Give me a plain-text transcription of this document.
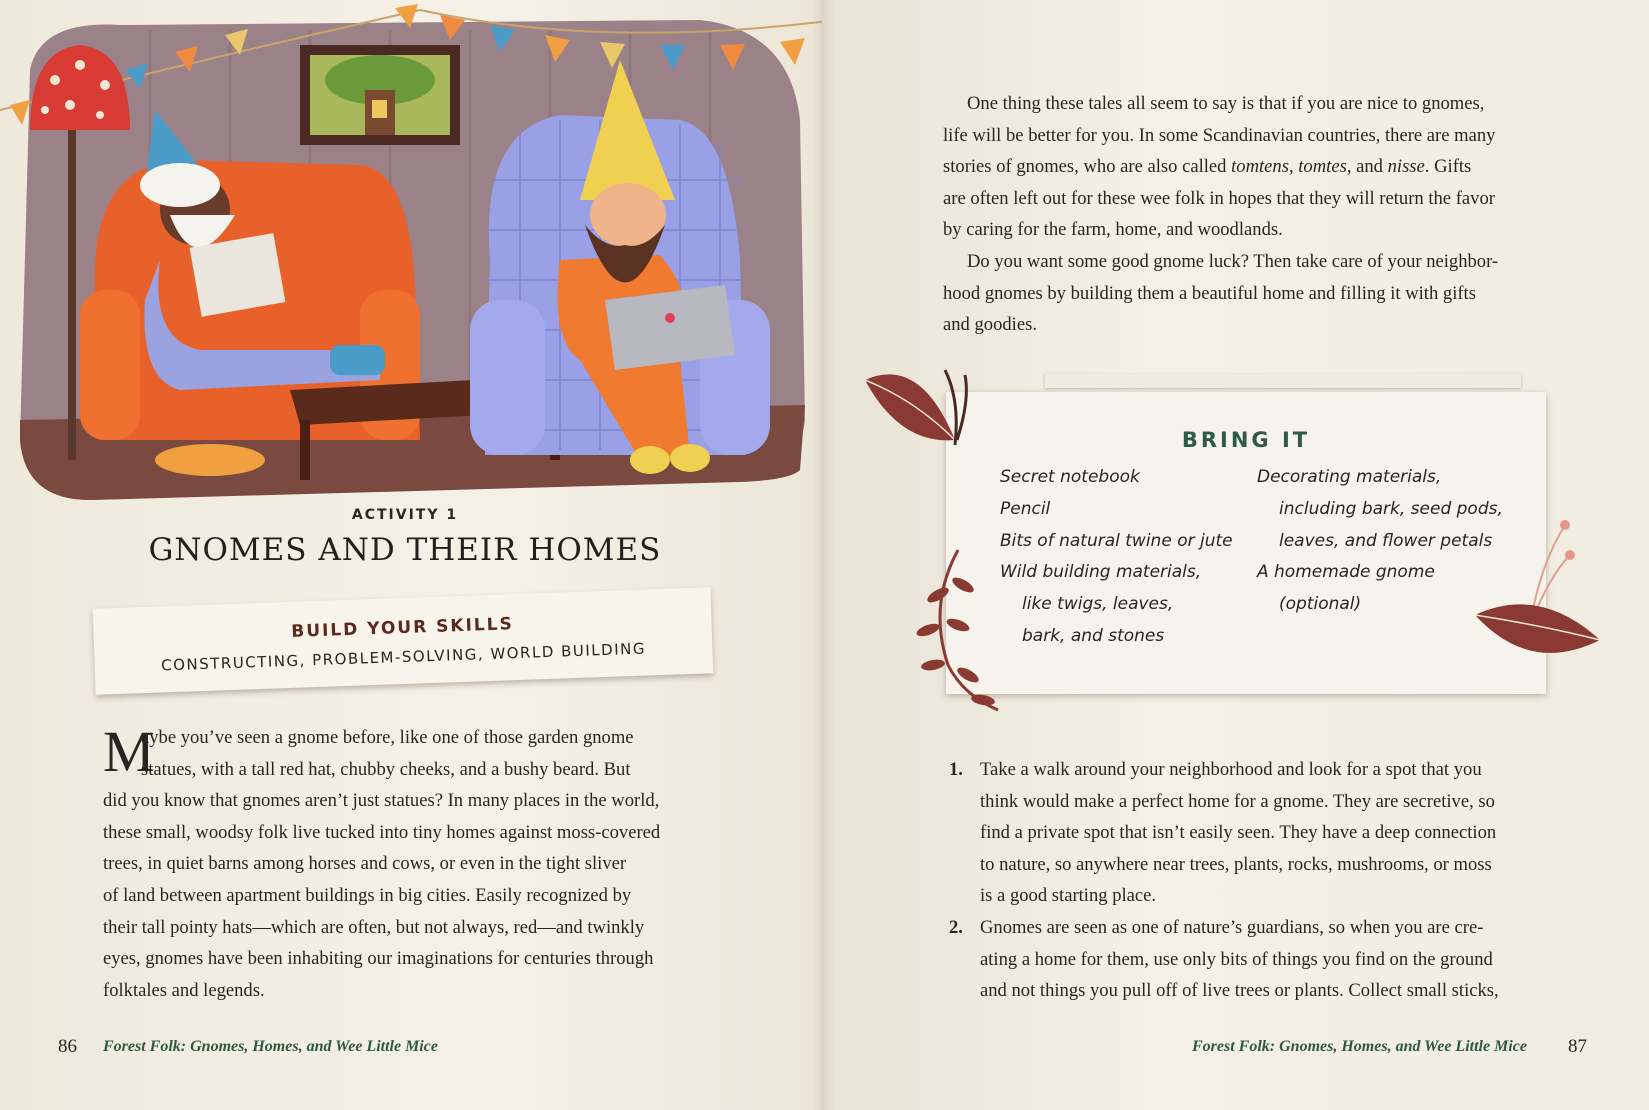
ACTIVITY 1
GNOMES AND THEIR HOMES
BUILD YOUR SKILLS
CONSTRUCTING, PROBLEM-SOLVING, WORLD BUILDING
M
aybe you’ve seen a gnome before, like one of those garden gnome
statues, with a tall red hat, chubby cheeks, and a bushy beard. But
did you know that gnomes aren’t just statues? In many places in the world,
these small, woodsy folk live tucked into tiny homes against moss-covered
trees, in quiet barns among horses and cows, or even in the tight sliver
of land between apartment buildings in big cities. Easily recognized by
their tall pointy hats—which are often, but not always, red—and twinkly
eyes, gnomes have been inhabiting our imaginations for centuries through
folktales and legends.
86 Forest Folk: Gnomes, Homes, and Wee Little Mice
One thing these tales all seem to say is that if you are nice to gnomes,
life will be better for you. In some Scandinavian countries, there are many
stories of gnomes, who are also called tomtens, tomtes, and nisse. Gifts
are often left out for these wee folk in hopes that they will return the favor
by caring for the farm, home, and woodlands.
Do you want some good gnome luck? Then take care of your neighbor-
hood gnomes by building them a beautiful home and filling it with gifts
and goodies.
BRING IT
Secret notebook
Pencil
Bits of natural twine or jute
Wild building materials,
like twigs, leaves,
bark, and stones
Decorating materials,
including bark, seed pods,
leaves, and flower petals
A homemade gnome
(optional)
1. Take a walk around your neighborhood and look for a spot that you
think would make a perfect home for a gnome. They are secretive, so
find a private spot that isn’t easily seen. They have a deep connection
to nature, so anywhere near trees, plants, rocks, mushrooms, or moss
is a good starting place.
2. Gnomes are seen as one of nature’s guardians, so when you are cre-
ating a home for them, use only bits of things you find on the ground
and not things you pull off of live trees or plants. Collect small sticks,
Forest Folk: Gnomes, Homes, and Wee Little Mice 87
